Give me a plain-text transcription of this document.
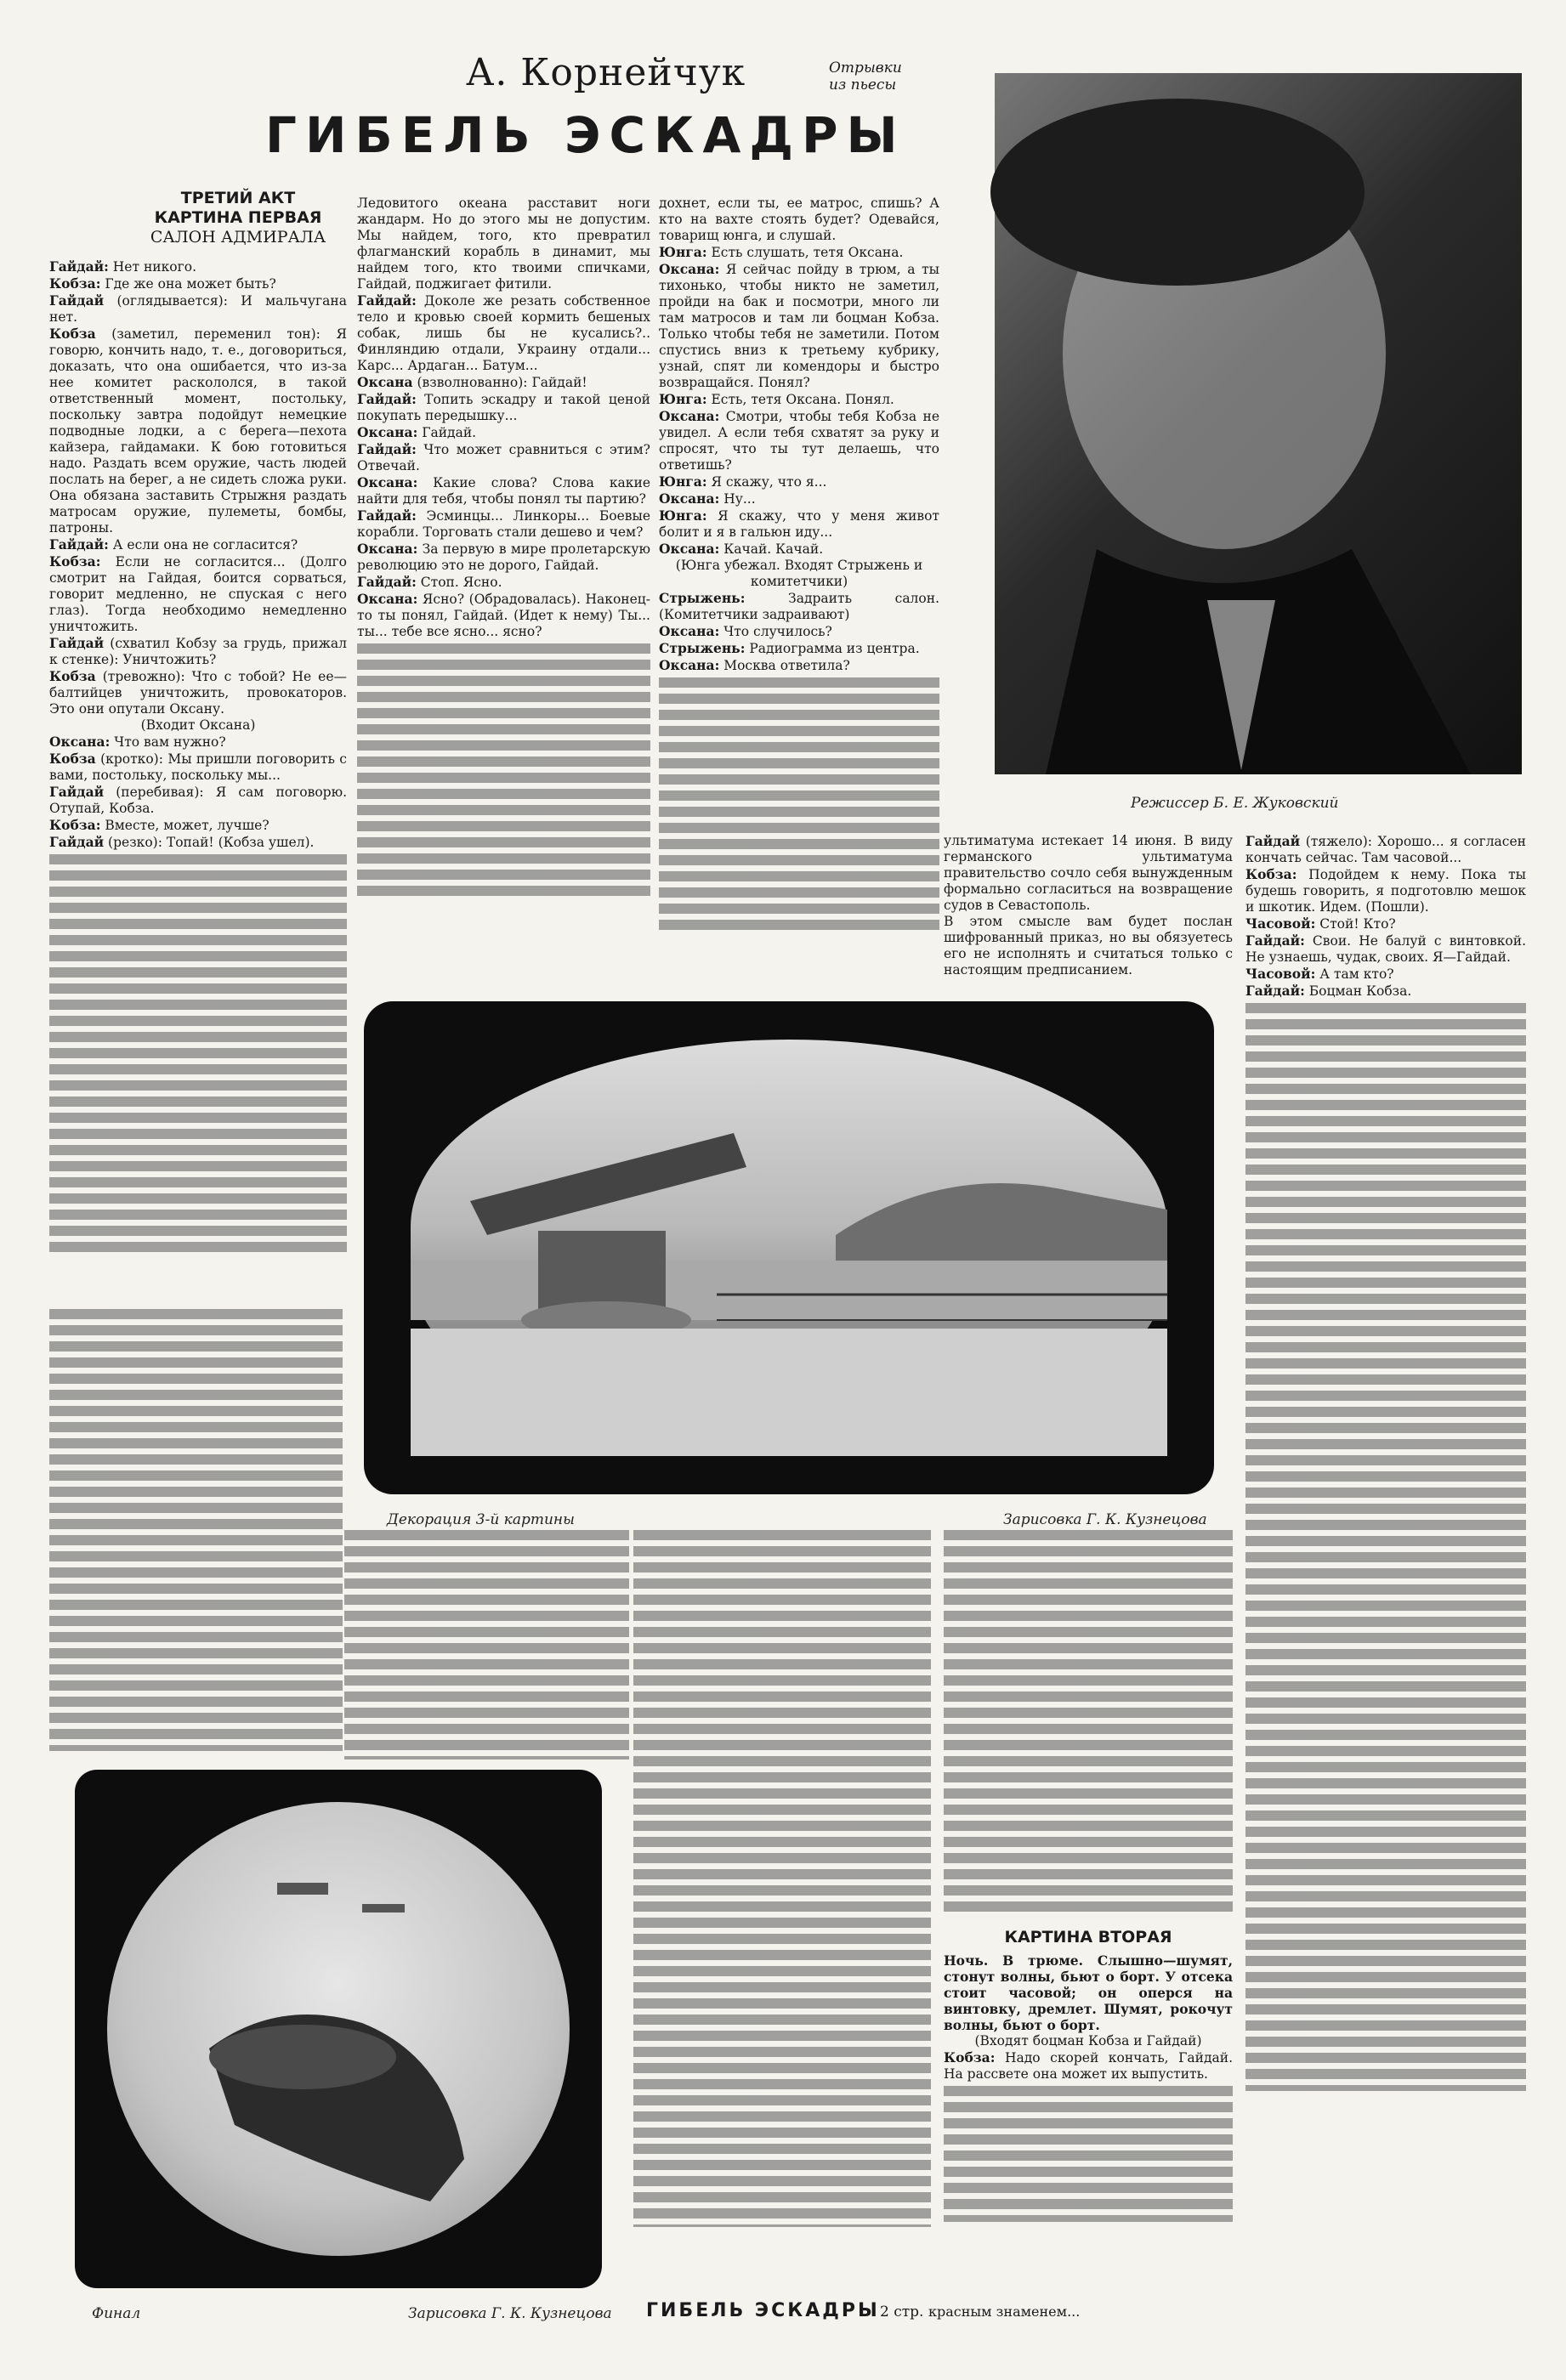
А. Корнейчук	Отрывки из пьесы
ГИБЕЛЬ ЭСКАДРЫ
Режиссер Б. Е. Жуковский
ТРЕТИЙ АКТ
КАРТИНА ПЕРВАЯ
САЛОН АДМИРАЛА

Гайдай: Нет никого.

Кобза: Где же она может быть?

Гайдай (оглядывается): И мальчугана нет.

Кобза (заметил, переменил тон): Я говорю, кончить надо, т. е., договориться, доказать, что она ошибается, что из-за нее комитет раскололся, в такой ответственный момент, постольку, поскольку завтра подойдут немецкие подводные лодки, а с берега—пехота кайзера, гайдамаки. К бою готовиться надо. Раздать всем оружие, часть людей послать на берег, а не сидеть сложа руки. Она обязана заставить Стрыжня раздать матросам оружие, пулеметы, бомбы, патроны.

Гайдай: А если она не согласится?

Кобза: Если не согласится... (Долго смотрит на Гайдая, боится сорваться, говорит медленно, не спуская с него глаз). Тогда необходимо немедленно уничтожить.

Гайдай (схватил Кобзу за грудь, прижал к стенке): Уничтожить?

Кобза (тревожно): Что с тобой? Не ее—балтийцев уничтожить, провокаторов. Это они опутали Оксану.

(Входит Оксана)

Оксана: Что вам нужно?

Кобза (кротко): Мы пришли поговорить с вами, постольку, поскольку мы...

Гайдай (перебивая): Я сам поговорю. Отупай, Кобза.

Кобза: Вместе, может, лучше?

Гайдай (резко): Топай! (Кобза ушел).

Ледовитого океана расставит ноги жандарм. Но до этого мы не допустим. Мы найдем, того, кто превратил флагманский корабль в динамит, мы найдем того, кто твоими спичками, Гайдай, поджигает фитили.

Гайдай: Доколе же резать собственное тело и кровью своей кормить бешеных собак, лишь бы не кусались?.. Финляндию отдали, Украину отдали... Карс... Ардаган... Батум...

Оксана (взволнованно): Гайдай!

Гайдай: Топить эскадру и такой ценой покупать передышку...

Оксана: Гайдай.

Гайдай: Что может сравниться с этим? Отвечай.

Оксана: Какие слова? Слова какие найти для тебя, чтобы понял ты партию?

Гайдай: Эсминцы... Линкоры... Боевые корабли. Торговать стали дешево и чем?

Оксана: За первую в мире пролетарскую революцию это не дорого, Гайдай.

Гайдай: Стоп. Ясно.

Оксана: Ясно? (Обрадовалась). Наконец-то ты понял, Гайдай. (Идет к нему) Ты... ты... тебе все ясно... ясно?

дохнет, если ты, ее матрос, спишь? А кто на вахте стоять будет? Одевайся, товарищ юнга, и слушай.

Юнга: Есть слушать, тетя Оксана.

Оксана: Я сейчас пойду в трюм, а ты тихонько, чтобы никто не заметил, пройди на бак и посмотри, много ли там матросов и там ли боцман Кобза. Только чтобы тебя не заметили. Потом спустись вниз к третьему кубрику, узнай, спят ли комендоры и быстро возвращайся. Понял?

Юнга: Есть, тетя Оксана. Понял.

Оксана: Смотри, чтобы тебя Кобза не увидел. А если тебя схватят за руку и спросят, что ты тут делаешь, что ответишь?

Юнга: Я скажу, что я...

Оксана: Ну...

Юнга: Я скажу, что у меня живот болит и я в гальюн иду...

Оксана: Качай. Качай.

(Юнга убежал. Входят Стрыжень и комитетчики)

Стрыжень: Задраить салон. (Комитетчики задраивают)

Оксана: Что случилось?

Стрыжень: Радиограмма из центра.

Оксана: Москва ответила?

ультиматума истекает 14 июня. В виду германского ультиматума правительство сочло себя вынужденным формально согласиться на возвращение судов в Севастополь.

В этом смысле вам будет послан шифрованный приказ, но вы обязуетесь его не исполнять и считаться только с настоящим предписанием.

Гайдай (тяжело): Хорошо... я согласен кончать сейчас. Там часовой...

Кобза: Подойдем к нему. Пока ты будешь говорить, я подготовлю мешок и шкотик. Идем. (Пошли).

Часовой: Стой! Кто?

Гайдай: Свои. Не балуй с винтовкой. Не узнаешь, чудак, своих. Я—Гайдай.

Часовой: А там кто?

Гайдай: Боцман Кобза.

Декорация 3-й картины	Зарисовка Г. К. Кузнецова
КАРТИНА ВТОРАЯ

Ночь. В трюме. Слышно—шумят, стонут волны, бьют о борт. У отсека стоит часовой; он оперся на винтовку, дремлет. Шумят, рокочут волны, бьют о борт.

(Входят боцман Кобза и Гайдай)

Кобза: Надо скорей кончать, Гайдай. На рассвете она может их выпустить.

Финал	Зарисовка Г. К. Кузнецова ГИБЕЛЬ ЭСКАДРЫ 2 стр. красным знаменем...
